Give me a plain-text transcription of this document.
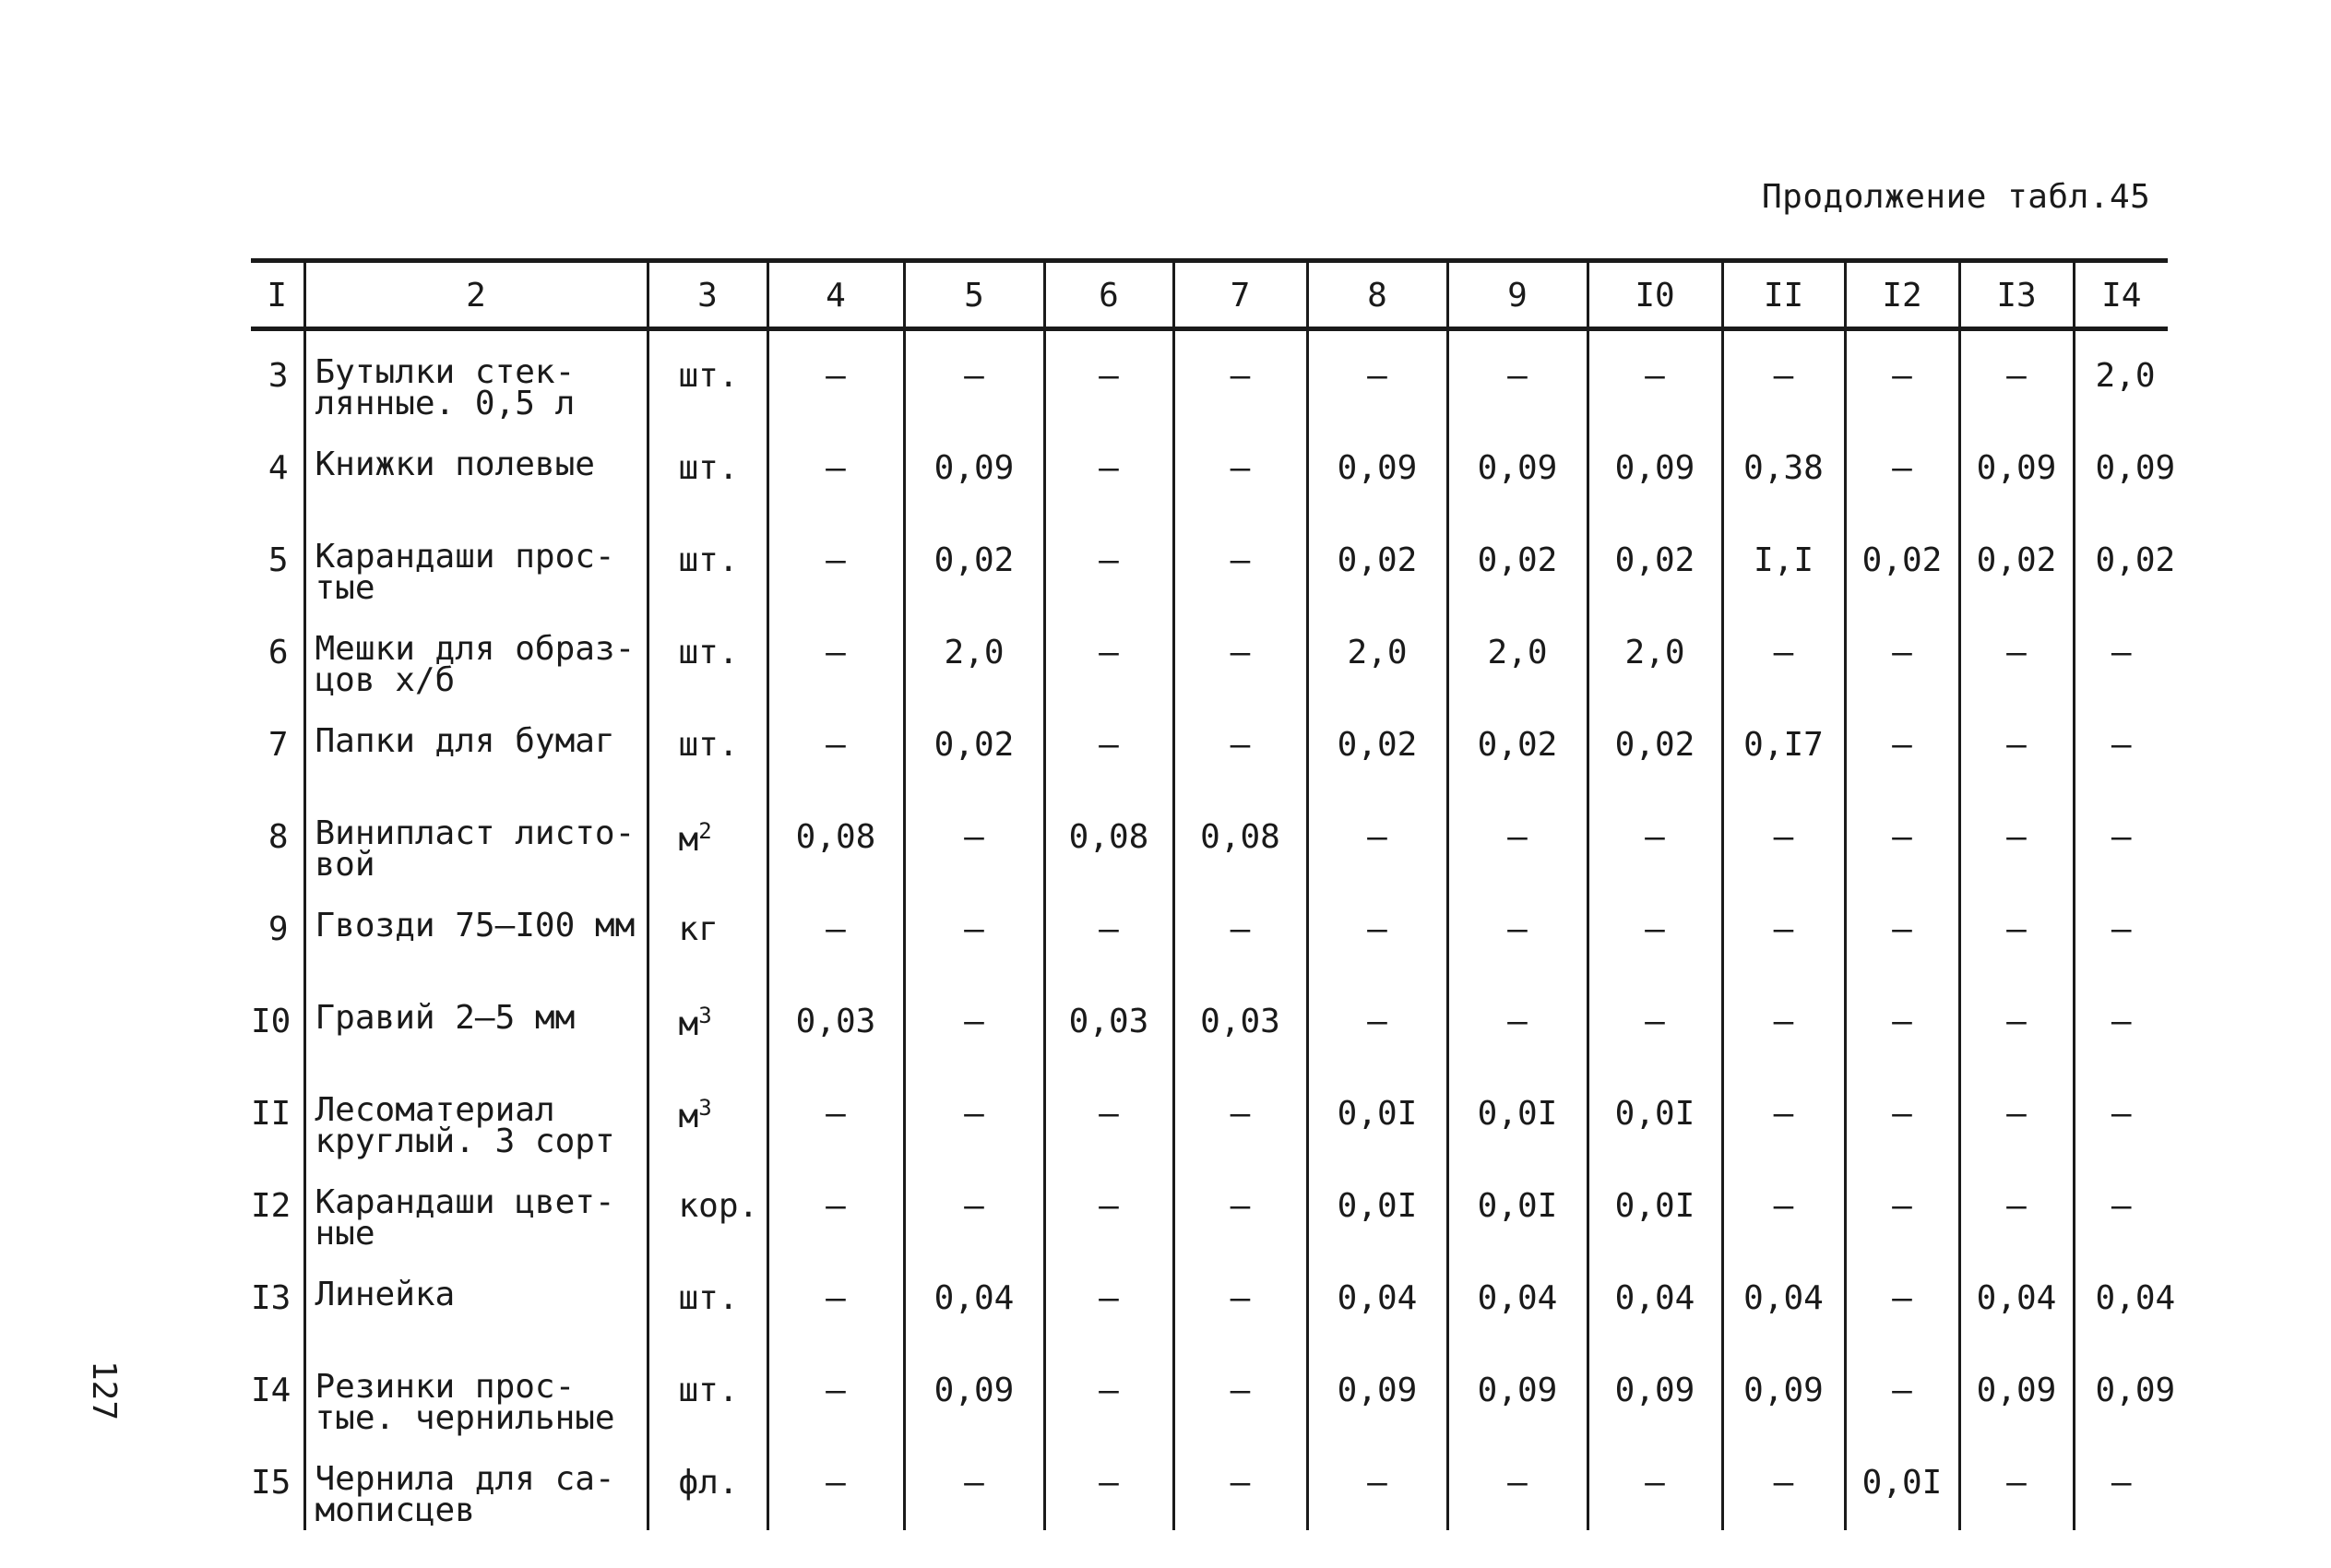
Продолжение табл.45
127
I	2	3	4	5	6	7	8	9	I0	II	I2	I3	I4
3	Бутылки стек-
лянные. 0,5 л	шт.	–	–	–	–	–	–	–	–	–	–	2,0
4	Книжки полевые	шт.	–	0,09	–	–	0,09	0,09	0,09	0,38	–	0,09	0,09
5	Карандаши прос-
тые	шт.	–	0,02	–	–	0,02	0,02	0,02	I,I	0,02	0,02	0,02
6	Мешки для образ-
цов х/б	шт.	–	2,0	–	–	2,0	2,0	2,0	–	–	–	–
7	Папки для бумаг	шт.	–	0,02	–	–	0,02	0,02	0,02	0,I7	–	–	–
8	Винипласт листо-
вой	$м^2$	0,08	–	0,08	0,08	–	–	–	–	–	–	–
9	Гвозди 75–I00 мм	кг	–	–	–	–	–	–	–	–	–	–	–
I0	Гравий 2–5 мм	$м^3$	0,03	–	0,03	0,03	–	–	–	–	–	–	–
II	Лесоматериал
круглый. 3 сорт	$м^3$	–	–	–	–	0,0I	0,0I	0,0I	–	–	–	–
I2	Карандаши цвет-
ные	кор.	–	–	–	–	0,0I	0,0I	0,0I	–	–	–	–
I3	Линейка	шт.	–	0,04	–	–	0,04	0,04	0,04	0,04	–	0,04	0,04
I4	Резинки прос-
тые. чернильные	шт.	–	0,09	–	–	0,09	0,09	0,09	0,09	–	0,09	0,09
I5	Чернила для са-
мописцев	фл.	–	–	–	–	–	–	–	–	0,0I	–	–
